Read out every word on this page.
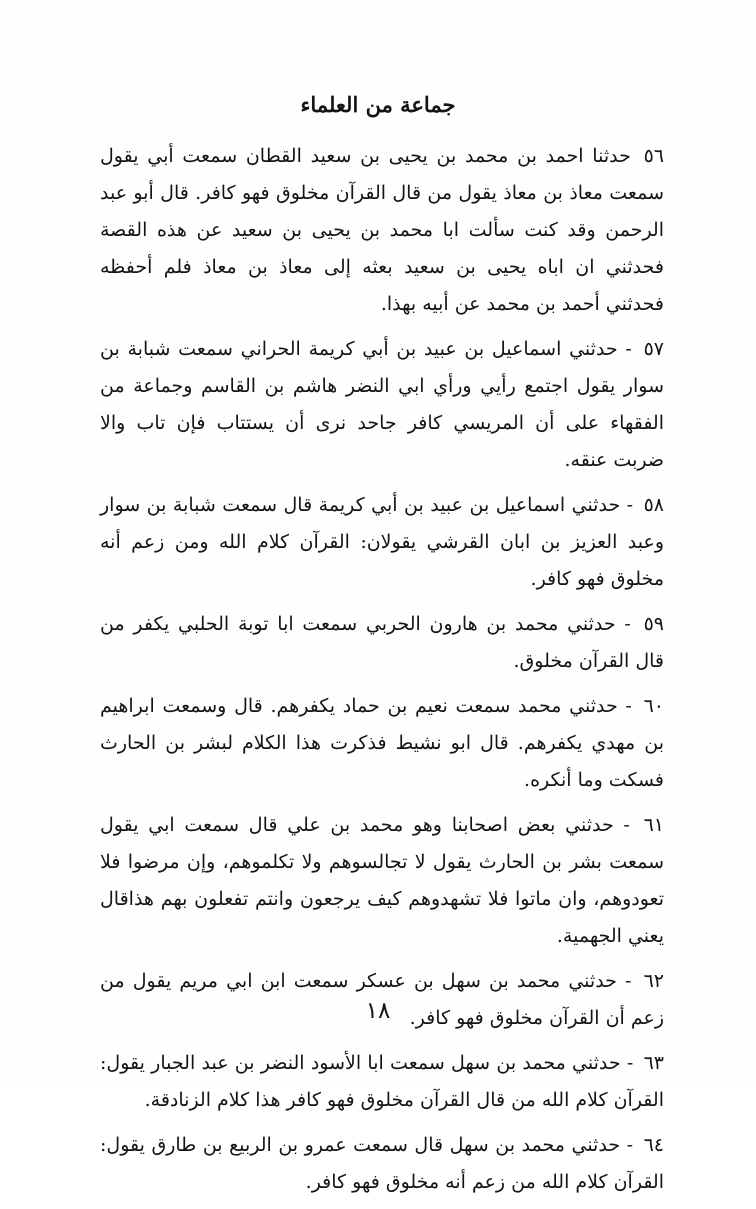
جماعة من العلماء

٥٦ حدثنا احمد بن محمد بن يحيى بن سعيد القطان سمعت أبي يقول سمعت معاذ بن معاذ يقول من قال القرآن مخلوق فهو كافر. قال أبو عبد الرحمن وقد كنت سألت ابا محمد بن يحيى بن سعيد عن هذه القصة فحدثني ان اباه يحيى بن سعيد بعثه إلى معاذ بن معاذ فلم أحفظه فحدثني أحمد بن محمد عن أبيه بهذا.

٥٧ - حدثني اسماعيل بن عبيد بن أبي كريمة الحراني سمعت شبابة بن سوار يقول اجتمع رأيي ورأي ابي النضر هاشم بن القاسم وجماعة من الفقهاء على أن المريسي كافر جاحد نرى أن يستتاب فإن تاب والا ضربت عنقه.

٥٨ - حدثني اسماعيل بن عبيد بن أبي كريمة قال سمعت شبابة بن سوار وعبد العزيز بن ابان القرشي يقولان: القرآن كلام الله ومن زعم أنه مخلوق فهو كافر.

٥٩ - حدثني محمد بن هارون الحربي سمعت ابا توبة الحلبي يكفر من قال القرآن مخلوق.

٦٠ - حدثني محمد سمعت نعيم بن حماد يكفرهم. قال وسمعت ابراهيم بن مهدي يكفرهم. قال ابو نشيط فذكرت هذا الكلام لبشر بن الحارث فسكت وما أنكره.

٦١ - حدثني بعض اصحابنا وهو محمد بن علي قال سمعت ابي يقول سمعت بشر بن الحارث يقول لا تجالسوهم ولا تكلموهم، وإن مرضوا فلا تعودوهم، وان ماتوا فلا تشهدوهم كيف يرجعون وانتم تفعلون بهم هذاقال يعني الجهمية.

٦٢ - حدثني محمد بن سهل بن عسكر سمعت ابن ابي مريم يقول من زعم أن القرآن مخلوق فهو كافر.

٦٣ - حدثني محمد بن سهل سمعت ابا الأسود النضر بن عبد الجبار يقول: القرآن كلام الله من قال القرآن مخلوق فهو كافر هذا كلام الزنادقة.

٦٤ - حدثني محمد بن سهل قال سمعت عمرو بن الربيع بن طارق يقول: القرآن كلام الله من زعم أنه مخلوق فهو كافر.

١٨
